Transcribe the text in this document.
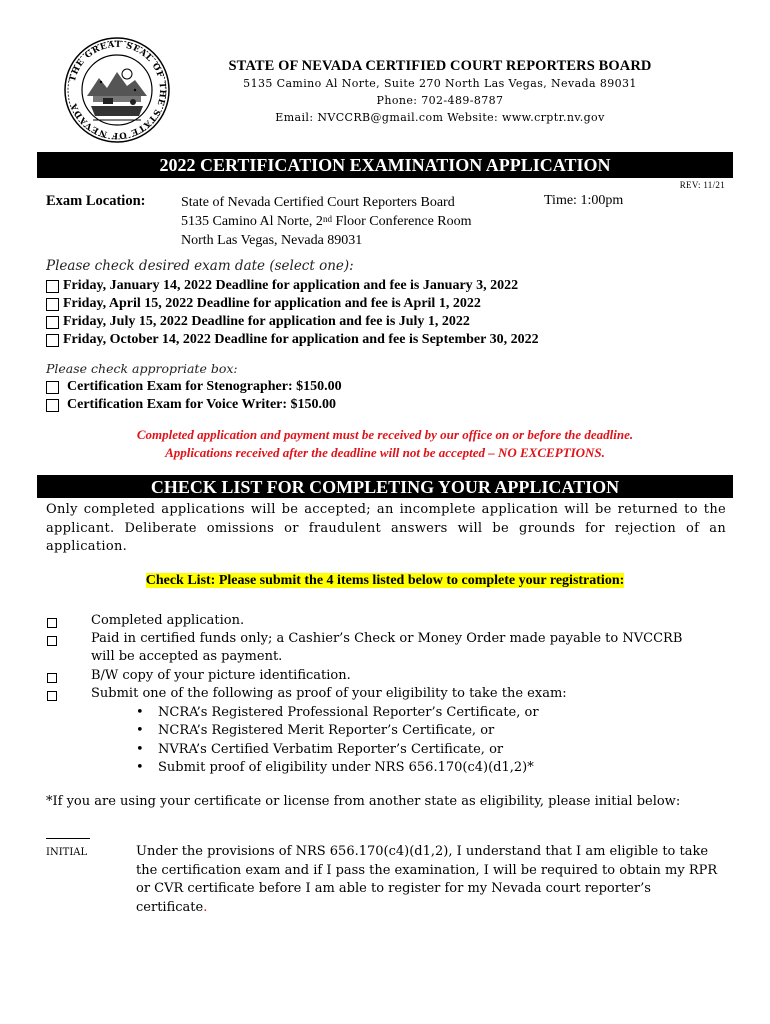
THE GREAT SEAL OF THE STATE OF NEVADA
STATE OF NEVADA CERTIFIED COURT REPORTERS BOARD
5135 Camino Al Norte, Suite 270 North Las Vegas, Nevada 89031
Phone: 702-489-8787
Email: NVCCRB@gmail.com Website: www.crptr.nv.gov
2022 CERTIFICATION EXAMINATION APPLICATION
REV: 11/21
Exam Location:	State of Nevada Certified Court Reporters Board
5135 Camino Al Norte, 2nd Floor Conference Room
North Las Vegas, Nevada 89031
Time: 1:00pm
Please check desired exam date (select one):
Friday, January 14, 2022 Deadline for application and fee is January 3, 2022
Friday, April 15, 2022 Deadline for application and fee is April 1, 2022
Friday, July 15, 2022 Deadline for application and fee is July 1, 2022
Friday, October 14, 2022 Deadline for application and fee is September 30, 2022
Please check appropriate box:
Certification Exam for Stenographer: $150.00
Certification Exam for Voice Writer: $150.00
Completed application and payment must be received by our office on or before the deadline.
Applications received after the deadline will not be accepted – NO EXCEPTIONS.
CHECK LIST FOR COMPLETING YOUR APPLICATION
Only completed applications will be accepted; an incomplete application will be returned to the applicant. Deliberate omissions or fraudulent answers will be grounds for rejection of an application.
Check List: Please submit the 4 items listed below to complete your registration:
Completed application.
Paid in certified funds only; a Cashier’s Check or Money Order made payable to NVCCRB
will be accepted as payment.
B/W copy of your picture identification.
Submit one of the following as proof of your eligibility to take the exam:
• NCRA’s Registered Professional Reporter’s Certificate, or
• NCRA’s Registered Merit Reporter’s Certificate, or
• NVRA’s Certified Verbatim Reporter’s Certificate, or
• Submit proof of eligibility under NRS 656.170(c4)(d1,2)*
*If you are using your certificate or license from another state as eligibility, please initial below:
INITIAL	Under the provisions of NRS 656.170(c4)(d1,2), I understand that I am eligible to take the certification exam and if I pass the examination, I will be required to obtain my RPR or CVR certificate before I am able to register for my Nevada court reporter’s certificate.
